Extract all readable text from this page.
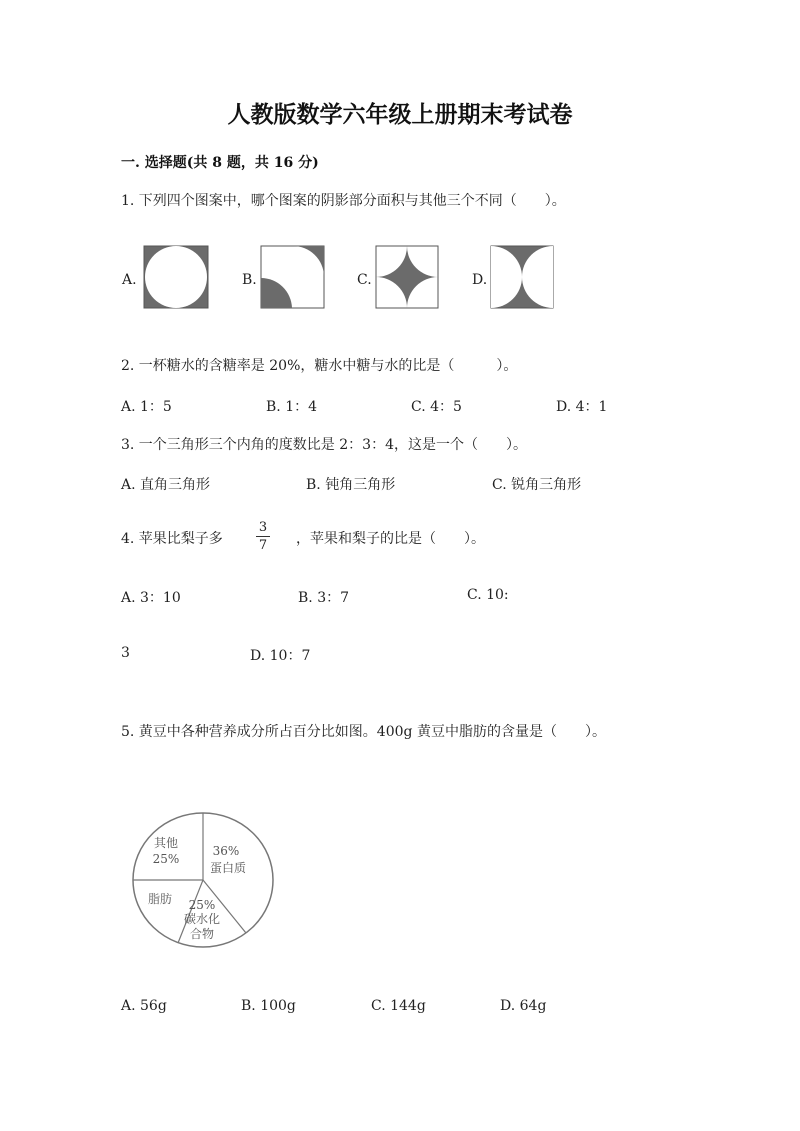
人教版数学六年级上册期末考试卷
一. 选择题(共 8 题，共 16 分)
1. 下列四个图案中，哪个图案的阴影部分面积与其他三个不同（　　）。
A.	B.	C.	D.
2. 一杯糖水的含糖率是 20%，糖水中糖与水的比是（　　　）。
A. 1：5	B. 1：4	C. 4：5	D. 4：1
3. 一个三角形三个内角的度数比是 2：3：4，这是一个（　　）。
A. 直角三角形	B. 钝角三角形	C. 锐角三角形
4. 苹果比梨子多
3
7 ，苹果和梨子的比是（　　）。
A. 3：10	B. 3：7	C. 10:
3	D. 10：7
5. 黄豆中各种营养成分所占百分比如图。400g 黄豆中脂肪的含量是（　　）。
其他
25%
36%
蛋白质
脂肪 25%
碳水化
合物
A. 56g	B. 100g	C. 144g	D. 64g
